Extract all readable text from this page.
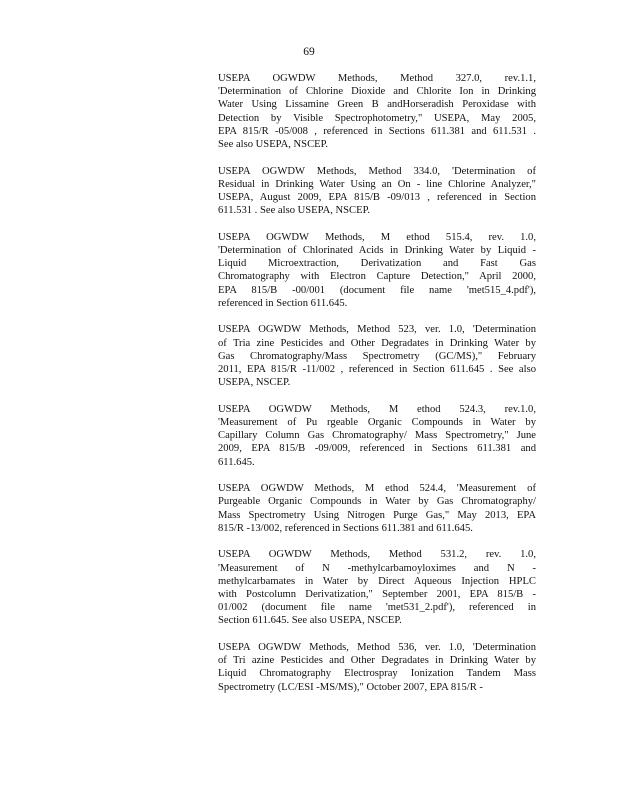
69
USEPA OGWDW Methods, Method 327.0, rev.1.1,
'Determination of Chlorine Dioxide and Chlorite Ion in Drinking
Water Using Lissamine Green B andHorseradish Peroxidase with
Detection by Visible Spectrophotometry," USEPA, May 2005,
EPA 815/R -05/008 , referenced in Sections 611.381 and 611.531 .
See also USEPA, NSCEP.
USEPA OGWDW Methods, Method 334.0, 'Determination of
Residual in Drinking Water Using an On - line Chlorine Analyzer,"
USEPA, August 2009, EPA 815/B -09/013 , referenced in Section
611.531 . See also USEPA, NSCEP.
USEPA OGWDW Methods, M ethod 515.4, rev. 1.0,
'Determination of Chlorinated Acids in Drinking Water by Liquid -
Liquid Microextraction, Derivatization and Fast Gas
Chromatography with Electron Capture Detection," April 2000,
EPA 815/B -00/001 (document file name 'met515_4.pdf'),
referenced in Section 611.645.
USEPA OGWDW Methods, Method 523, ver. 1.0, 'Determination
of Tria zine Pesticides and Other Degradates in Drinking Water by
Gas Chromatography/Mass Spectrometry (GC/MS)," February
2011, EPA 815/R -11/002 , referenced in Section 611.645 . See also
USEPA, NSCEP.
USEPA OGWDW Methods, M ethod 524.3, rev.1.0,
'Measurement of Pu rgeable Organic Compounds in Water by
Capillary Column Gas Chromatography/ Mass Spectrometry," June
2009, EPA 815/B -09/009, referenced in Sections 611.381 and
611.645.
USEPA OGWDW Methods, M ethod 524.4, 'Measurement of
Purgeable Organic Compounds in Water by Gas Chromatography/
Mass Spectrometry Using Nitrogen Purge Gas," May 2013, EPA
815/R -13/002, referenced in Sections 611.381 and 611.645.
USEPA OGWDW Methods, Method 531.2, rev. 1.0,
'Measurement of N -methylcarbamoyloximes and N -
methylcarbamates in Water by Direct Aqueous Injection HPLC
with Postcolumn Derivatization," September 2001, EPA 815/B -
01/002 (document file name 'met531_2.pdf'), referenced in
Section 611.645. See also USEPA, NSCEP.
USEPA OGWDW Methods, Method 536, ver. 1.0, 'Determination
of Tri azine Pesticides and Other Degradates in Drinking Water by
Liquid Chromatography Electrospray Ionization Tandem Mass
Spectrometry (LC/ESI -MS/MS)," October 2007, EPA 815/R -
